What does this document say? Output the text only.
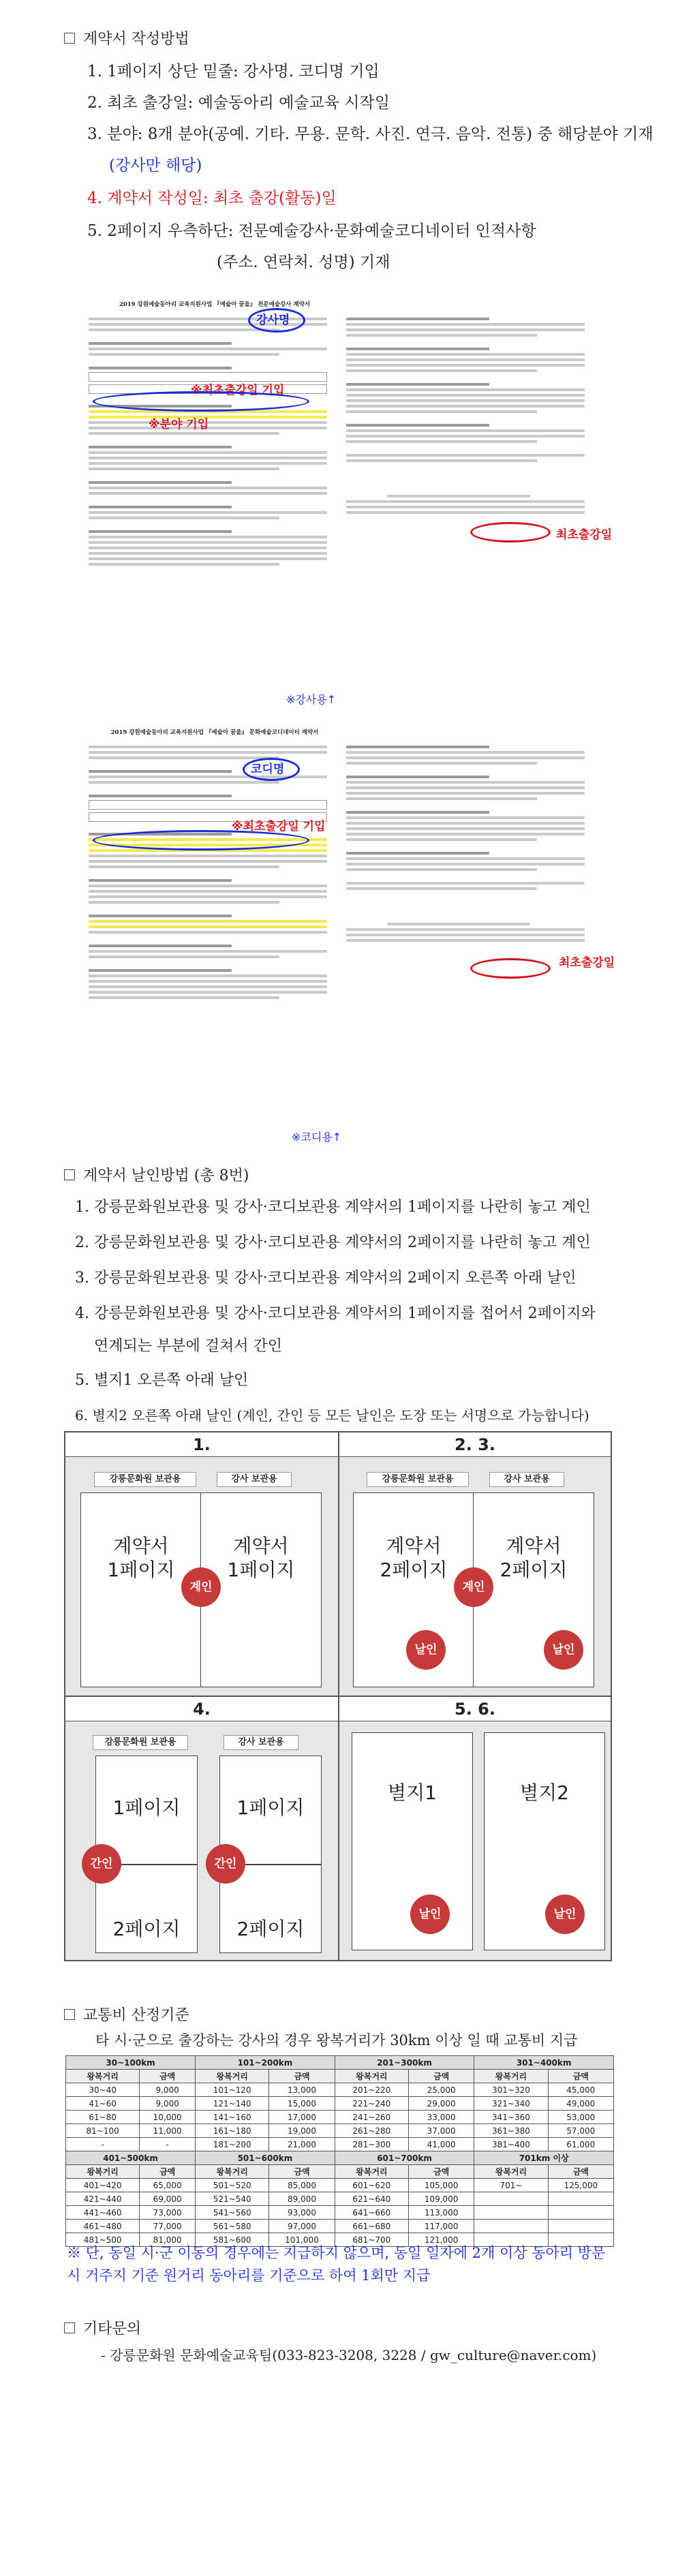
계약서 작성방법
1. 1페이지 상단 밑줄: 강사명. 코디명 기입
2. 최초 출강일: 예술동아리 예술교육 시작일
3. 분야: 8개 분야(공예. 기타. 무용. 문학. 사진. 연극. 음악. 전통) 중 해당분야 기재
(강사만 해당)
4. 계약서 작성일: 최초 출강(활동)일
5. 2페이지 우측하단: 전문예술강사·문화예술코디네이터 인적사항
(주소. 연락처. 성명) 기재
2019 강원예술동아리 교육지원사업 『예술아 꿈을』 전문예술강사 계약서
강사명
※최초출강일 기입
※분야 기입
최초출강일
※강사용↑
2019 강원예술동아리 교육지원사업 『예술아 꿈을』 문화예술코디네이터 계약서
코디명
※최초출강일 기입
최초출강일
※코디용↑
계약서 날인방법 (총 8번)
1. 강릉문화원보관용 및 강사·코디보관용 계약서의 1페이지를 나란히 놓고 계인
2. 강릉문화원보관용 및 강사·코디보관용 계약서의 2페이지를 나란히 놓고 계인
3. 강릉문화원보관용 및 강사·코디보관용 계약서의 2페이지 오른쪽 아래 날인
4. 강릉문화원보관용 및 강사·코디보관용 계약서의 1페이지를 접어서 2페이지와
연계되는 부분에 걸쳐서 간인
5. 별지1 오른쪽 아래 날인
6. 별지2 오른쪽 아래 날인 (계인, 간인 등 모든 날인은 도장 또는 서명으로 가능합니다)
1.
강릉문화원 보관용	강사 보관용
계약서
1페이지
계약서
1페이지
계인
2. 3.
강릉문화원 보관용	강사 보관용
계약서
2페이지
계약서
2페이지
계인
날인	날인
4.
강릉문화원 보관용	강사 보관용
1페이지
2페이지
1페이지
2페이지
간인	간인
5. 6.
별지1	별지2
날인	날인
교통비 산정기준
타 시·군으로 출강하는 강사의 경우 왕복거리가 30km 이상 일 때 교통비 지급
30~100km		101~200km		201~300km		301~400km	
왕복거리	금액	왕복거리	금액	왕복거리	금액	왕복거리	금액
30~40	9,000	101~120	13,000	201~220	25,000	301~320	45,000
41~60	9,000	121~140	15,000	221~240	29,000	321~340	49,000
61~80	10,000	141~160	17,000	241~260	33,000	341~360	53,000
81~100	11,000	161~180	19,000	261~280	37,000	361~380	57,000
-	-	181~200	21,000	281~300	41,000	381~400	61,000
401~500km		501~600km		601~700km		701km 이상	
왕복거리	금액	왕복거리	금액	왕복거리	금액	왕복거리	금액
401~420	65,000	501~520	85,000	601~620	105,000	701~	125,000
421~440	69,000	521~540	89,000	621~640	109,000		
441~460	73,000	541~560	93,000	641~660	113,000		
461~480	77,000	561~580	97,000	661~680	117,000		
481~500	81,000	581~600	101,000	681~700	121,000		
※ 단, 동일 시·군 이동의 경우에는 지급하지 않으며, 동일 일자에 2개 이상 동아리 방문 시 거주지 기준 원거리 동아리를 기준으로 하여 1회만 지급
기타문의
- 강릉문화원 문화예술교육팀(033-823-3208, 3228 / gw_culture@naver.com)
